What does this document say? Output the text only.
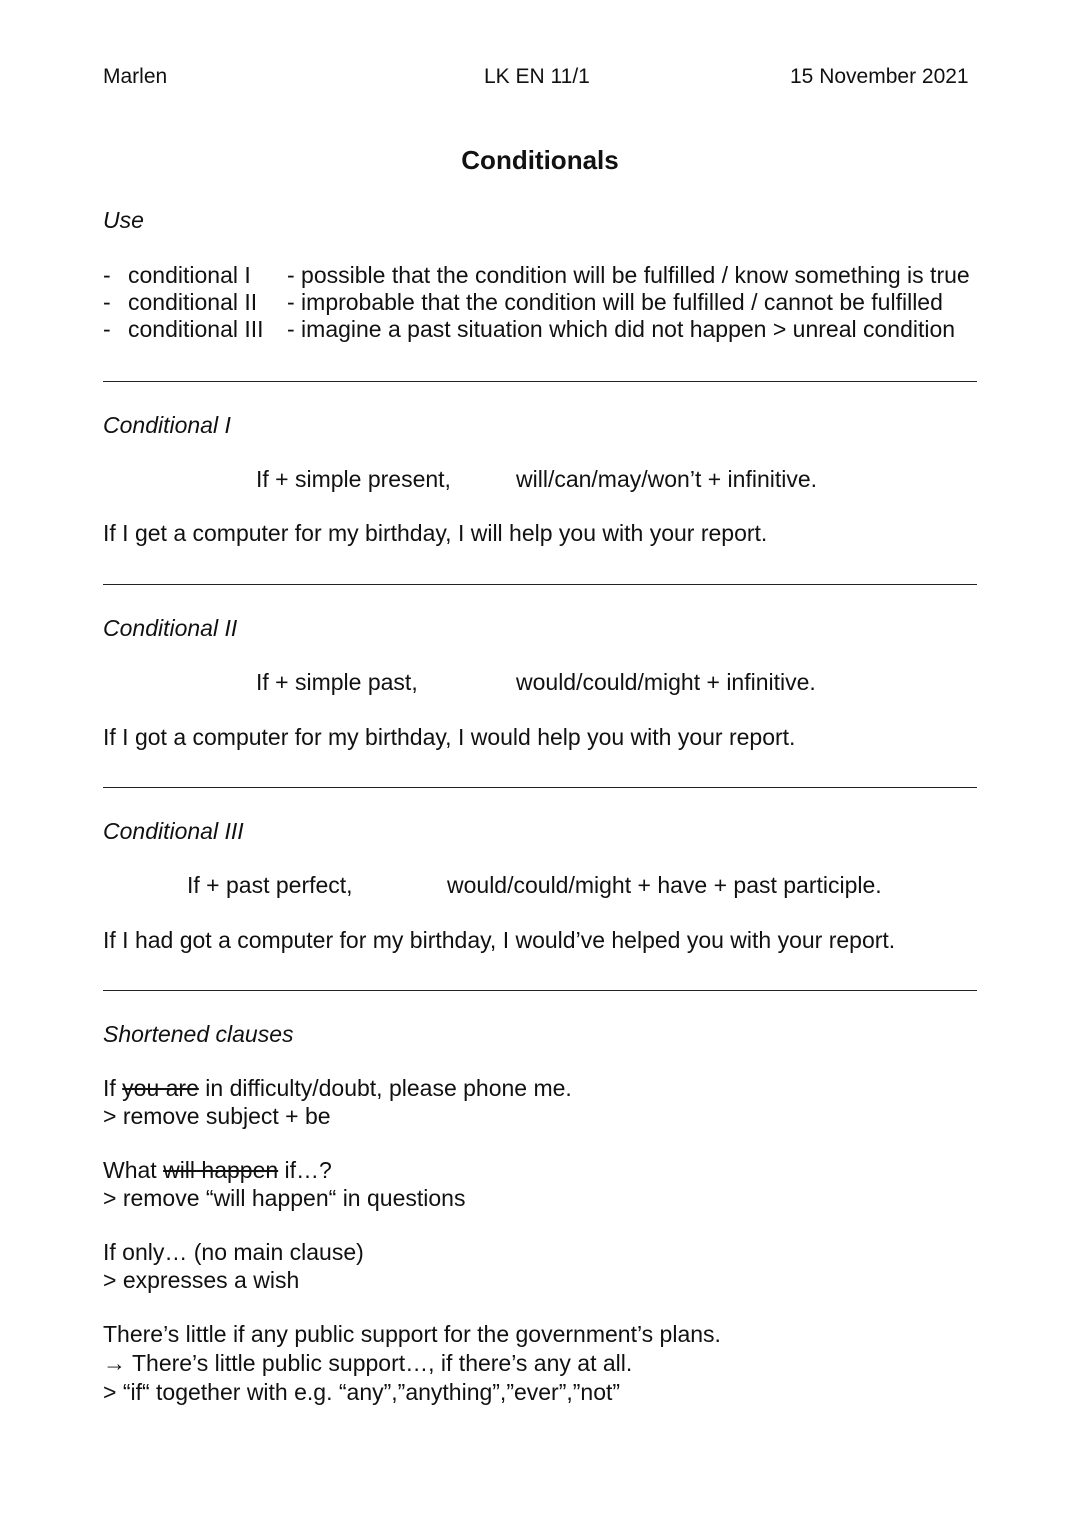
Marlen	LK EN 11/1	15 November 2021
Conditionals
Use
- conditional I	- possible that the condition will be fulfilled / know something is true
- conditional II	- improbable that the condition will be fulfilled / cannot be fulfilled
- conditional III	- imagine a past situation which did not happen > unreal condition
Conditional I
If + simple present,	will/can/may/won’t + infinitive.
If I get a computer for my birthday, I will help you with your report.
Conditional II
If + simple past,	would/could/might + infinitive.
If I got a computer for my birthday, I would help you with your report.
Conditional III
If + past perfect,	would/could/might + have + past participle.
If I had got a computer for my birthday, I would’ve helped you with your report.
Shortened clauses
If you are in difficulty/doubt, please phone me.
> remove subject + be
What will happen if…?
> remove “will happen“ in questions
If only… (no main clause)
> expresses a wish
There’s little if any public support for the government’s plans.
→ There’s little public support…, if there’s any at all.
> “if“ together with e.g. “any”,”anything”,”ever”,”not”
